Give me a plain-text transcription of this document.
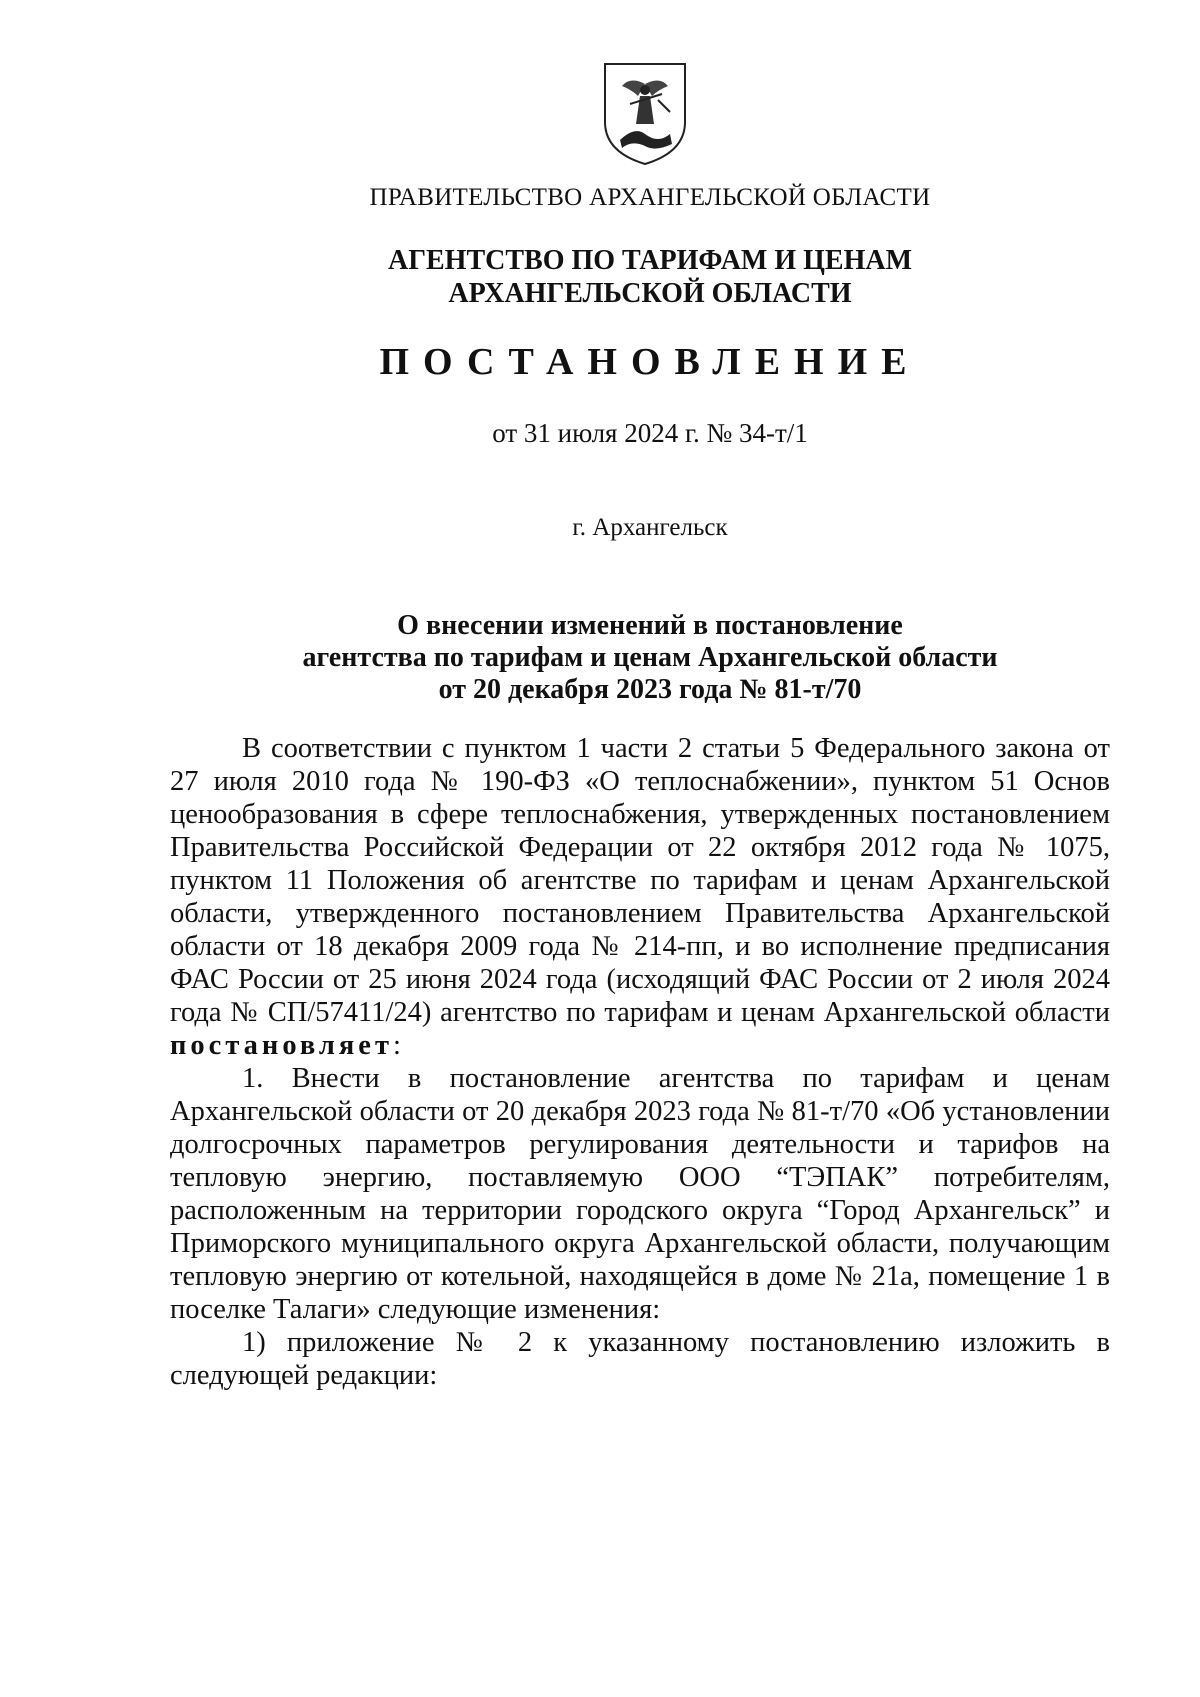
ПРАВИТЕЛЬСТВО АРХАНГЕЛЬСКОЙ ОБЛАСТИ
АГЕНТСТВО ПО ТАРИФАМ И ЦЕНАМ
АРХАНГЕЛЬСКОЙ ОБЛАСТИ
ПОСТАНОВЛЕНИЕ
от 31 июля 2024 г. № 34-т/1
г. Архангельск
О внесении изменений в постановление
агентства по тарифам и ценам Архангельской области
от 20 декабря 2023 года № 81-т/70

В соответствии с пунктом 1 части 2 статьи 5 Федерального закона от 27 июля 2010 года № 190-ФЗ «О теплоснабжении», пунктом 51 Основ ценообразования в сфере теплоснабжения, утвержденных постановлением Правительства Российской Федерации от 22 октября 2012 года № 1075, пунктом 11 Положения об агентстве по тарифам и ценам Архангельской области, утвержденного постановлением Правительства Архангельской области от 18 декабря 2009 года № 214-пп, и во исполнение предписания ФАС России от 25 июня 2024 года (исходящий ФАС России от 2 июля 2024 года № СП/57411/24) агентство по тарифам и ценам Архангельской области постановляет:

1. Внести в постановление агентства по тарифам и ценам Архангельской области от 20 декабря 2023 года № 81-т/70 «Об установлении долгосрочных параметров регулирования деятельности и тарифов на тепловую энергию, поставляемую ООО “ТЭПАК” потребителям, расположенным на территории городского округа “Город Архангельск” и Приморского муниципального округа Архангельской области, получающим тепловую энергию от котельной, находящейся в доме № 21а, помещение 1 в поселке Талаги» следующие изменения:

1) приложение № 2 к указанному постановлению изложить в следующей редакции:
